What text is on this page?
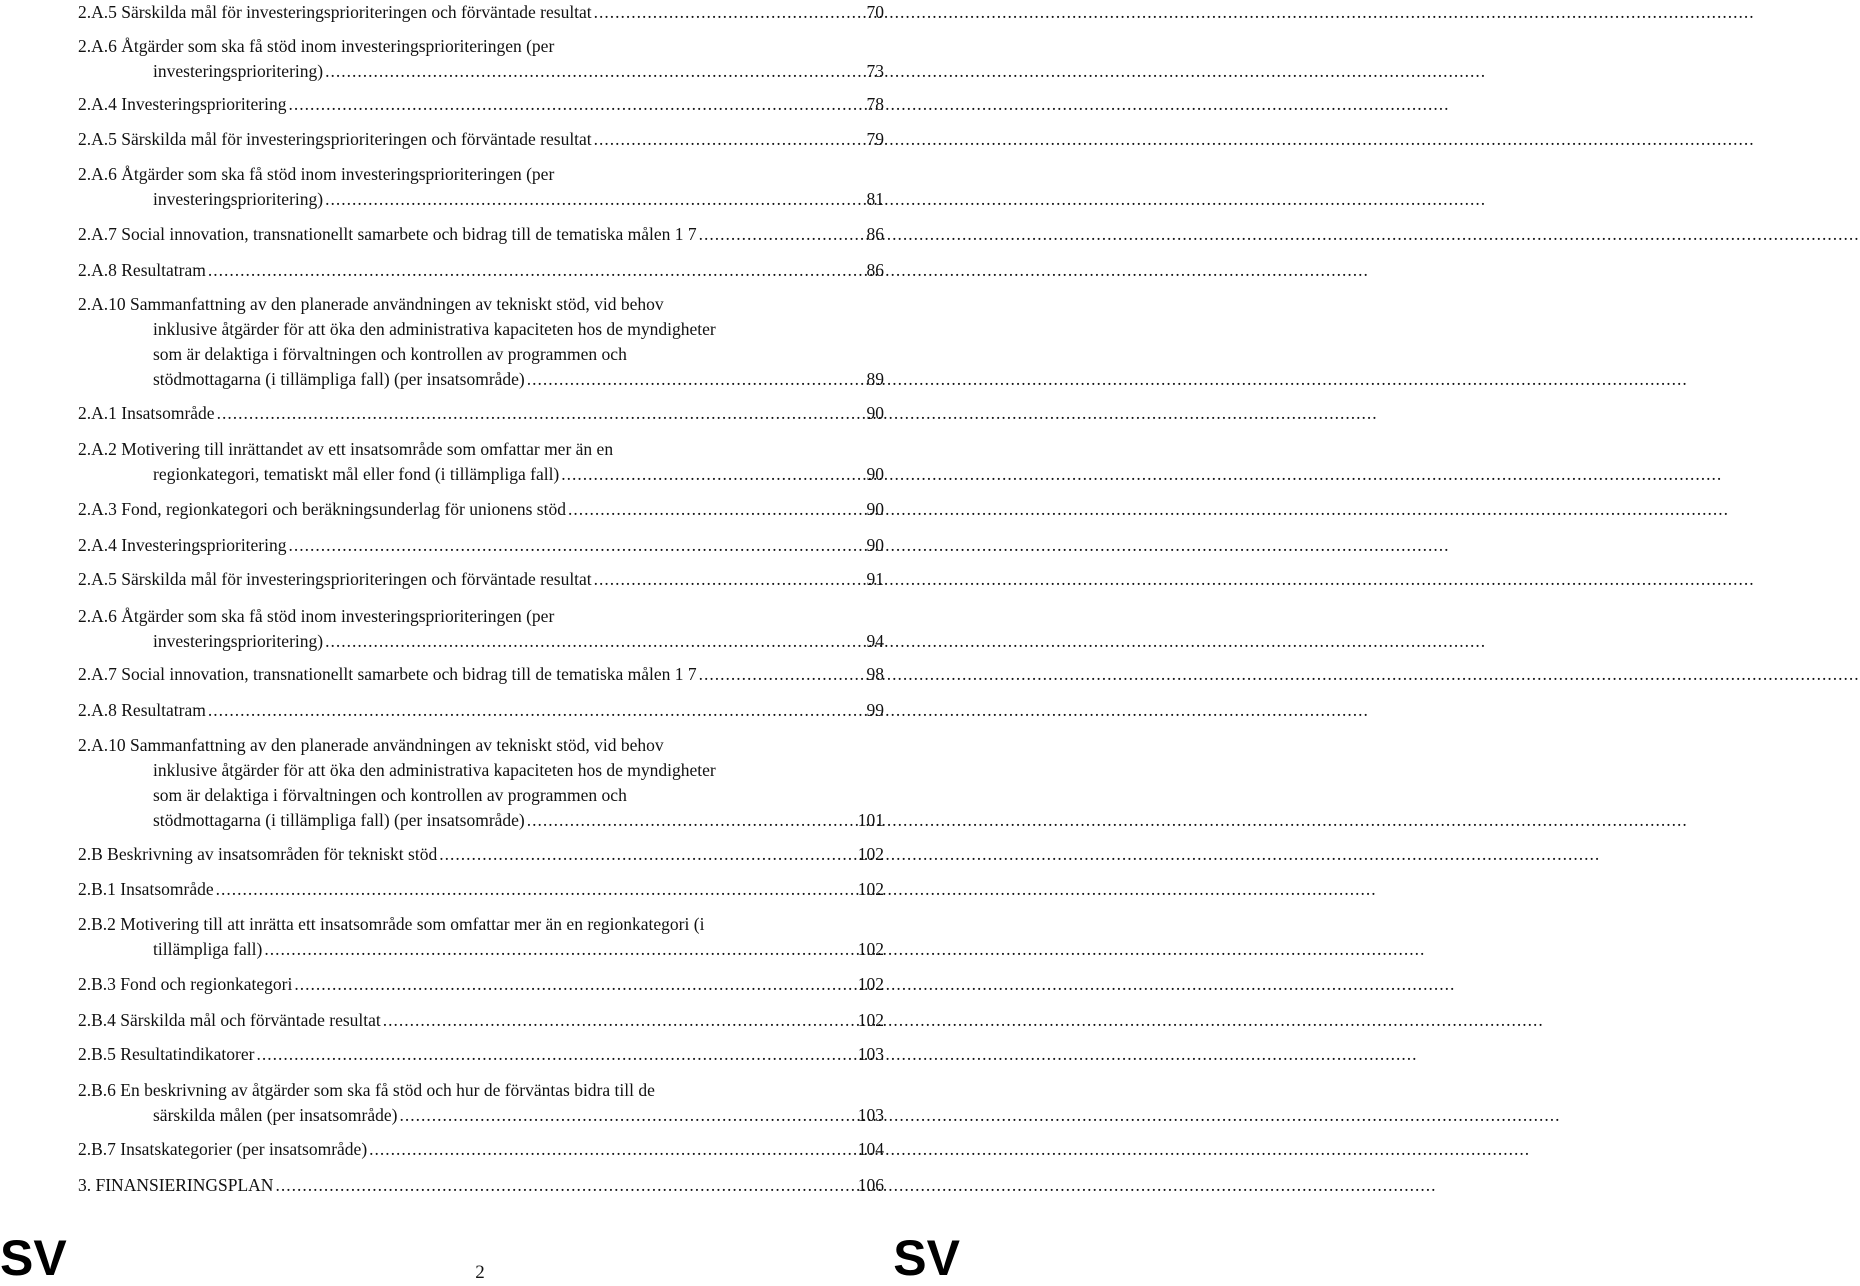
2.A.5 Särskilda mål för investeringsprioriteringen och förväntade resultat .....	70
2.A.6 Åtgärder som ska få stöd inom investeringsprioriteringen (per
investeringsprioritering) .....	73
2.A.4 Investeringsprioritering .....	78
2.A.5 Särskilda mål för investeringsprioriteringen och förväntade resultat .....	79
2.A.6 Åtgärder som ska få stöd inom investeringsprioriteringen (per
investeringsprioritering) .....	81
2.A.7 Social innovation, transnationellt samarbete och bidrag till de tematiska målen 1 7 .....	86
2.A.8 Resultatram .....	86
2.A.10 Sammanfattning av den planerade användningen av tekniskt stöd, vid behov
inklusive åtgärder för att öka den administrativa kapaciteten hos de myndigheter
som är delaktiga i förvaltningen och kontrollen av programmen och
stödmottagarna (i tillämpliga fall) (per insatsområde) .....	89
2.A.1 Insatsområde .....	90
2.A.2 Motivering till inrättandet av ett insatsområde som omfattar mer än en
regionkategori, tematiskt mål eller fond (i tillämpliga fall) .....	90
2.A.3 Fond, regionkategori och beräkningsunderlag för unionens stöd .....	90
2.A.4 Investeringsprioritering .....	90
2.A.5 Särskilda mål för investeringsprioriteringen och förväntade resultat .....	91
2.A.6 Åtgärder som ska få stöd inom investeringsprioriteringen (per
investeringsprioritering) .....	94
2.A.7 Social innovation, transnationellt samarbete och bidrag till de tematiska målen 1 7 .....	98
2.A.8 Resultatram .....	99
2.A.10 Sammanfattning av den planerade användningen av tekniskt stöd, vid behov
inklusive åtgärder för att öka den administrativa kapaciteten hos de myndigheter
som är delaktiga i förvaltningen och kontrollen av programmen och
stödmottagarna (i tillämpliga fall) (per insatsområde) .....	101
2.B Beskrivning av insatsområden för tekniskt stöd .....	102
2.B.1 Insatsområde .....	102
2.B.2 Motivering till att inrätta ett insatsområde som omfattar mer än en regionkategori (i
tillämpliga fall) .....	102
2.B.3 Fond och regionkategori .....	102
2.B.4 Särskilda mål och förväntade resultat .....	102
2.B.5 Resultatindikatorer .....	103
2.B.6 En beskrivning av åtgärder som ska få stöd och hur de förväntas bidra till de
särskilda målen (per insatsområde) .....	103
2.B.7 Insatskategorier (per insatsområde) .....	104
3. FINANSIERINGSPLAN .....	106
SV	2	SV
